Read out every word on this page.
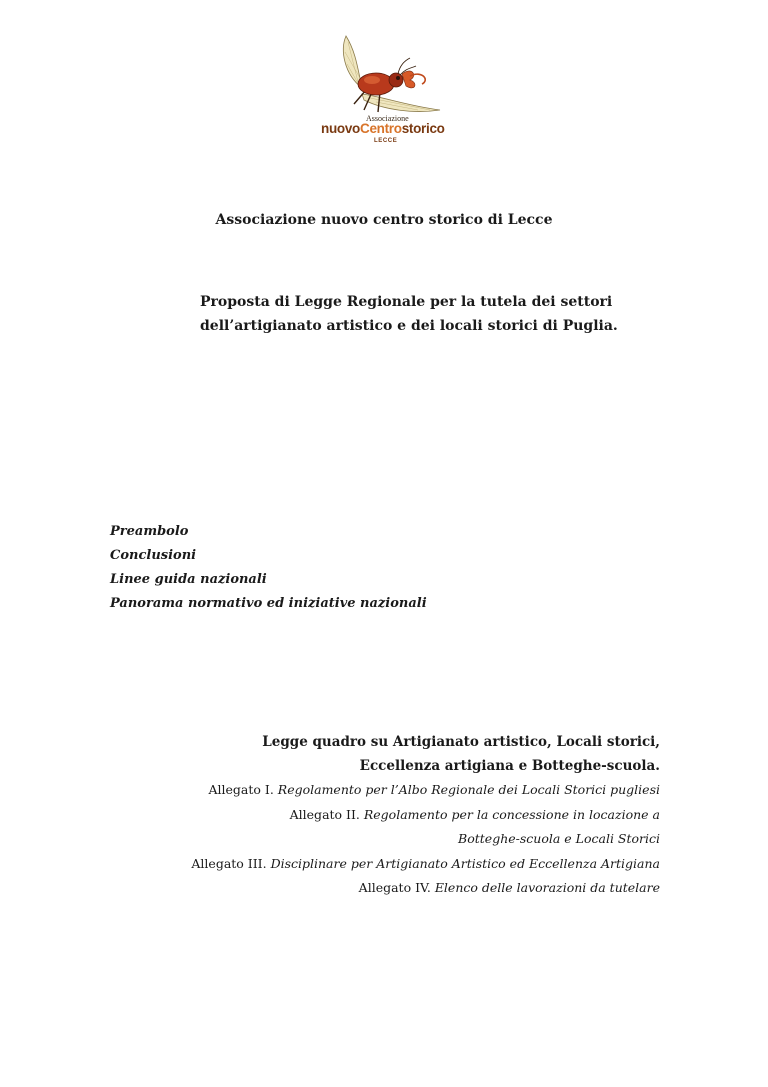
Associazione
nuovoCentrostorico
LECCE
Associazione nuovo centro storico di Lecce
Proposta di Legge Regionale per la tutela dei settori
dell’artigianato artistico e dei locali storici di Puglia.
Preambolo
Conclusioni
Linee guida nazionali
Panorama normativo ed iniziative nazionali
Legge quadro su Artigianato artistico, Locali storici,
Eccellenza artigiana e Botteghe-scuola.
Allegato I. Regolamento per l’Albo Regionale dei Locali Storici pugliesi
Allegato II. Regolamento per la concessione in locazione a
Botteghe-scuola e Locali Storici
Allegato III. Disciplinare per Artigianato Artistico ed Eccellenza Artigiana
Allegato IV. Elenco delle lavorazioni da tutelare
